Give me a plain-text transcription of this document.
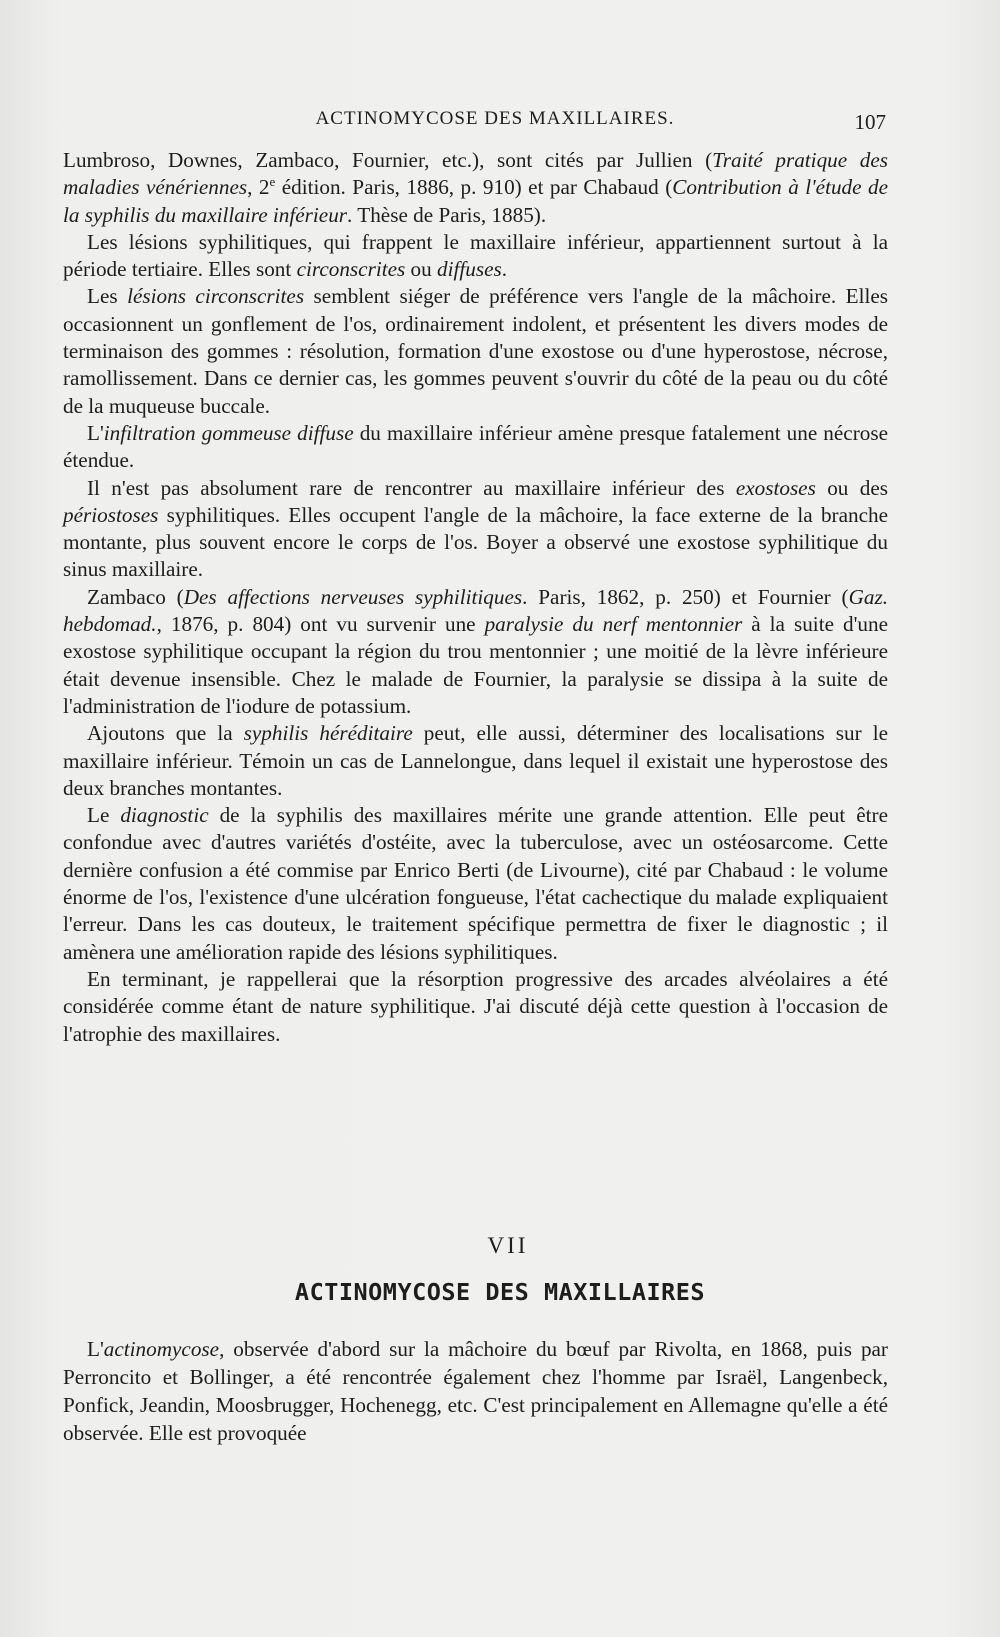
ACTINOMYCOSE DES MAXILLAIRES.	107

Lumbroso, Downes, Zambaco, Fournier, etc.), sont cités par Jullien (Traité pratique des maladies vénériennes, 2e édition. Paris, 1886, p. 910) et par Chabaud (Contribution à l'étude de la syphilis du maxillaire inférieur. Thèse de Paris, 1885).

Les lésions syphilitiques, qui frappent le maxillaire inférieur, appartiennent surtout à la période tertiaire. Elles sont circonscrites ou diffuses.

Les lésions circonscrites semblent siéger de préférence vers l'angle de la mâchoire. Elles occasionnent un gonflement de l'os, ordinairement indolent, et présentent les divers modes de terminaison des gommes : résolution, formation d'une exostose ou d'une hyperostose, nécrose, ramollissement. Dans ce dernier cas, les gommes peuvent s'ouvrir du côté de la peau ou du côté de la muqueuse buccale.

L'infiltration gommeuse diffuse du maxillaire inférieur amène presque fatalement une nécrose étendue.

Il n'est pas absolument rare de rencontrer au maxillaire inférieur des exostoses ou des périostoses syphilitiques. Elles occupent l'angle de la mâchoire, la face externe de la branche montante, plus souvent encore le corps de l'os. Boyer a observé une exostose syphilitique du sinus maxillaire.

Zambaco (Des affections nerveuses syphilitiques. Paris, 1862, p. 250) et Fournier (Gaz. hebdomad., 1876, p. 804) ont vu survenir une paralysie du nerf mentonnier à la suite d'une exostose syphilitique occupant la région du trou mentonnier ; une moitié de la lèvre inférieure était devenue insensible. Chez le malade de Fournier, la paralysie se dissipa à la suite de l'administration de l'iodure de potassium.

Ajoutons que la syphilis héréditaire peut, elle aussi, déterminer des localisations sur le maxillaire inférieur. Témoin un cas de Lannelongue, dans lequel il existait une hyperostose des deux branches montantes.

Le diagnostic de la syphilis des maxillaires mérite une grande attention. Elle peut être confondue avec d'autres variétés d'ostéite, avec la tuberculose, avec un ostéosarcome. Cette dernière confusion a été commise par Enrico Berti (de Livourne), cité par Chabaud : le volume énorme de l'os, l'existence d'une ulcération fongueuse, l'état cachectique du malade expliquaient l'erreur. Dans les cas douteux, le traitement spécifique permettra de fixer le diagnostic ; il amènera une amélioration rapide des lésions syphilitiques.

En terminant, je rappellerai que la résorption progressive des arcades alvéolaires a été considérée comme étant de nature syphilitique. J'ai discuté déjà cette question à l'occasion de l'atrophie des maxillaires.

VII
ACTINOMYCOSE DES MAXILLAIRES

L'actinomycose, observée d'abord sur la mâchoire du bœuf par Rivolta, en 1868, puis par Perroncito et Bollinger, a été rencontrée également chez l'homme par Israël, Langenbeck, Ponfick, Jeandin, Moosbrugger, Hochenegg, etc. C'est principalement en Allemagne qu'elle a été observée. Elle est provoquée
